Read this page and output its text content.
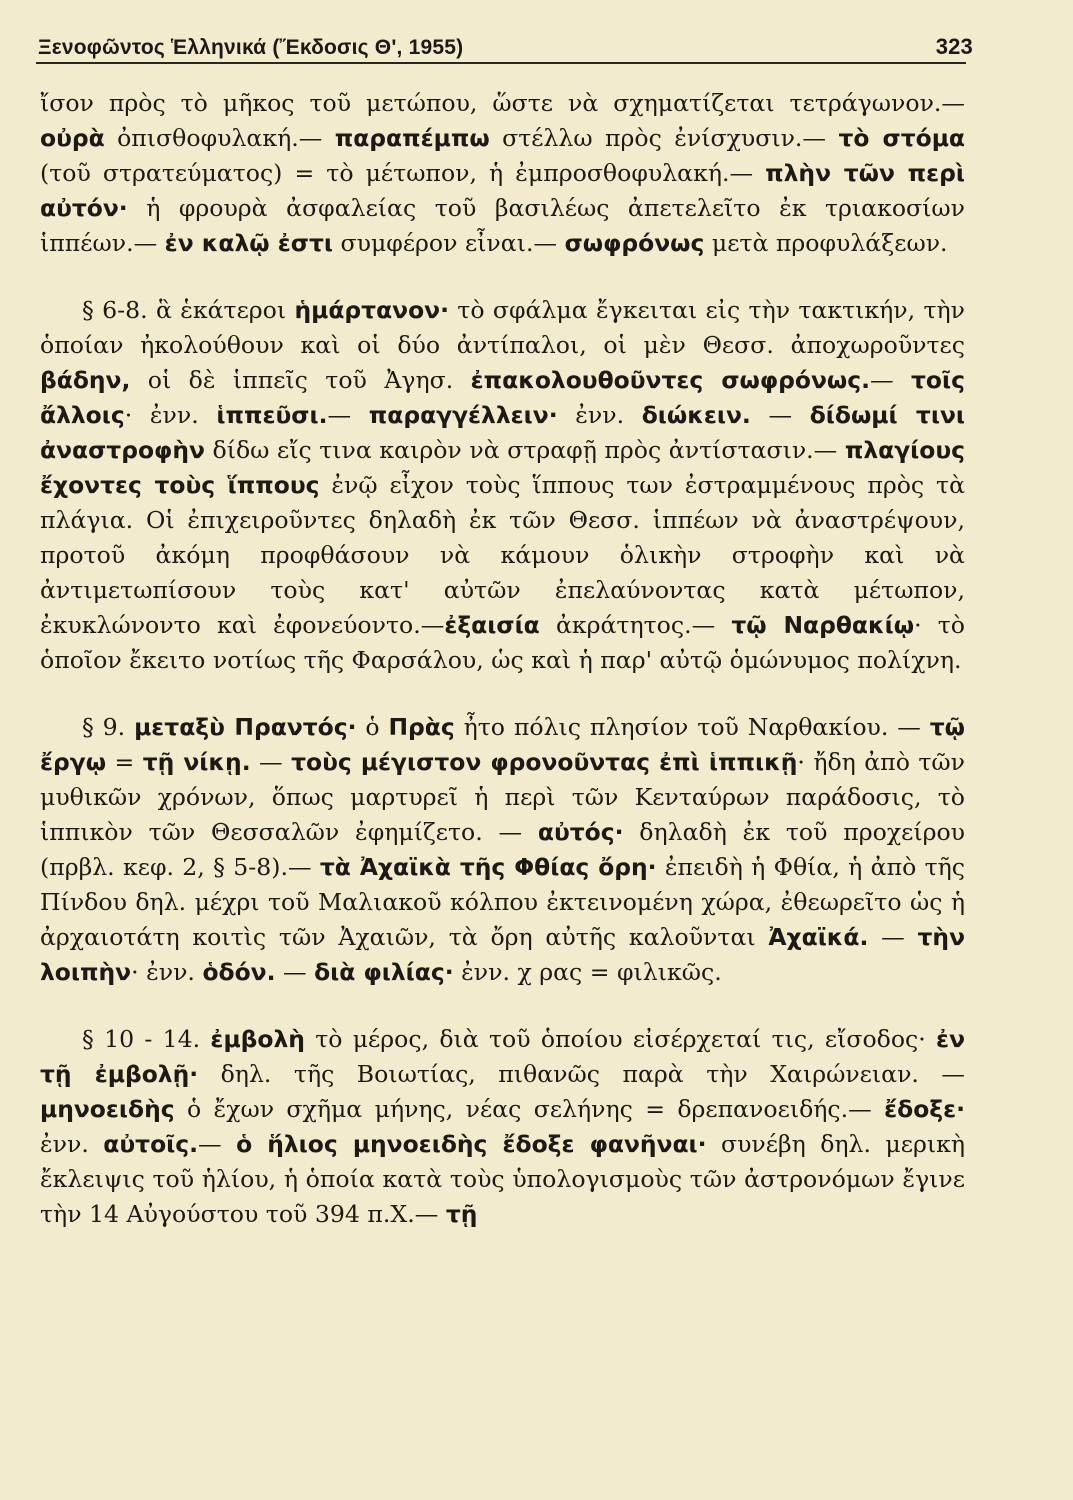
Ξενοφῶντος Ἑλληνικά (Ἔκδοσις Θ', 1955)	323

ἴσον πρὸς τὸ μῆκος τοῦ μετώπου, ὥστε νὰ σχηματίζεται τετράγωνον.— οὐρὰ ὀπισθοφυλακή.— παραπέμπω στέλλω πρὸς ἐνίσχυσιν.— τὸ στόμα (τοῦ στρατεύματος) = τὸ μέτωπον, ἡ ἐμπροσθοφυλακή.— πλὴν τῶν περὶ αὐτόν· ἡ φρουρὰ ἀσφαλείας τοῦ βασιλέως ἀπετελεῖτο ἐκ τριακοσίων ἱππέων.— ἐν καλῷ ἐστι συμφέρον εἶναι.— σωφρόνως μετὰ προφυλάξεων.

§ 6-8. ἃ ἑκάτεροι ἡμάρτανον· τὸ σφάλμα ἔγκειται εἰς τὴν τακτικήν, τὴν ὁποίαν ἠκολούθουν καὶ οἱ δύο ἀντίπαλοι, οἱ μὲν Θεσσ. ἀποχωροῦντες βάδην, οἱ δὲ ἱππεῖς τοῦ Ἀγησ. ἐπακολουθοῦντες σωφρόνως.— τοῖς ἄλλοις· ἐνν. ἱππεῦσι.— παραγγέλλειν· ἐνν. διώκειν. — δίδωμί τινι ἀναστροφὴν δίδω εἴς τινα καιρὸν νὰ στραφῇ πρὸς ἀντίστασιν.— πλαγίους ἔχοντες τοὺς ἵππους ἐνῷ εἶχον τοὺς ἵππους των ἐστραμμένους πρὸς τὰ πλάγια. Οἱ ἐπιχειροῦντες δηλαδὴ ἐκ τῶν Θεσσ. ἱππέων νὰ ἀναστρέψουν, προτοῦ ἀκόμη προφθάσουν νὰ κάμουν ὁλικὴν στροφὴν καὶ νὰ ἀντιμετωπίσουν τοὺς κατ' αὐτῶν ἐπελαύνοντας κατὰ μέτωπον, ἐκυκλώνοντο καὶ ἐφονεύοντο.—ἐξαισία ἀκράτητος.— τῷ Ναρθακίῳ· τὸ ὁποῖον ἔκειτο νοτίως τῆς Φαρσάλου, ὡς καὶ ἡ παρ' αὐτῷ ὁμώνυμος πολίχνη.

§ 9. μεταξὺ Πραντός· ὁ Πρὰς ἦτο πόλις πλησίον τοῦ Ναρθακίου. — τῷ ἔργῳ = τῇ νίκῃ. — τοὺς μέγιστον φρονοῦντας ἐπὶ ἱππικῇ· ἤδη ἀπὸ τῶν μυθικῶν χρόνων, ὅπως μαρτυρεῖ ἡ περὶ τῶν Κενταύρων παράδοσις, τὸ ἱππικὸν τῶν Θεσσαλῶν ἐφημίζετο. — αὐτός· δηλαδὴ ἐκ τοῦ προχείρου (πρβλ. κεφ. 2, § 5-8).— τὰ Ἀχαϊκὰ τῆς Φθίας ὄρη· ἐπειδὴ ἡ Φθία, ἡ ἀπὸ τῆς Πίνδου δηλ. μέχρι τοῦ Μαλιακοῦ κόλπου ἐκτεινομένη χώρα, ἐθεωρεῖτο ὡς ἡ ἀρχαιοτάτη κοιτὶς τῶν Ἀχαιῶν, τὰ ὄρη αὐτῆς καλοῦνται Ἀχαϊκά. — τὴν λοιπὴν· ἐνν. ὁδόν. — διὰ φιλίας· ἐνν. χ ρας = φιλικῶς.

§ 10 - 14. ἐμβολὴ τὸ μέρος, διὰ τοῦ ὁποίου εἰσέρχεταί τις, εἴσοδος· ἐν τῇ ἐμβολῇ· δηλ. τῆς Βοιωτίας, πιθανῶς παρὰ τὴν Χαιρώνειαν. — μηνοειδὴς ὁ ἔχων σχῆμα μήνης, νέας σελήνης = δρεπανοειδής.— ἔδοξε· ἐνν. αὐτοῖς.— ὁ ἥλιος μηνοειδὴς ἔδοξε φανῆναι· συνέβη δηλ. μερικὴ ἔκλειψις τοῦ ἡλίου, ἡ ὁποία κατὰ τοὺς ὑπολογισμοὺς τῶν ἀστρονόμων ἔγινε τὴν 14 Αὐγούστου τοῦ 394 π.Χ.— τῇ
